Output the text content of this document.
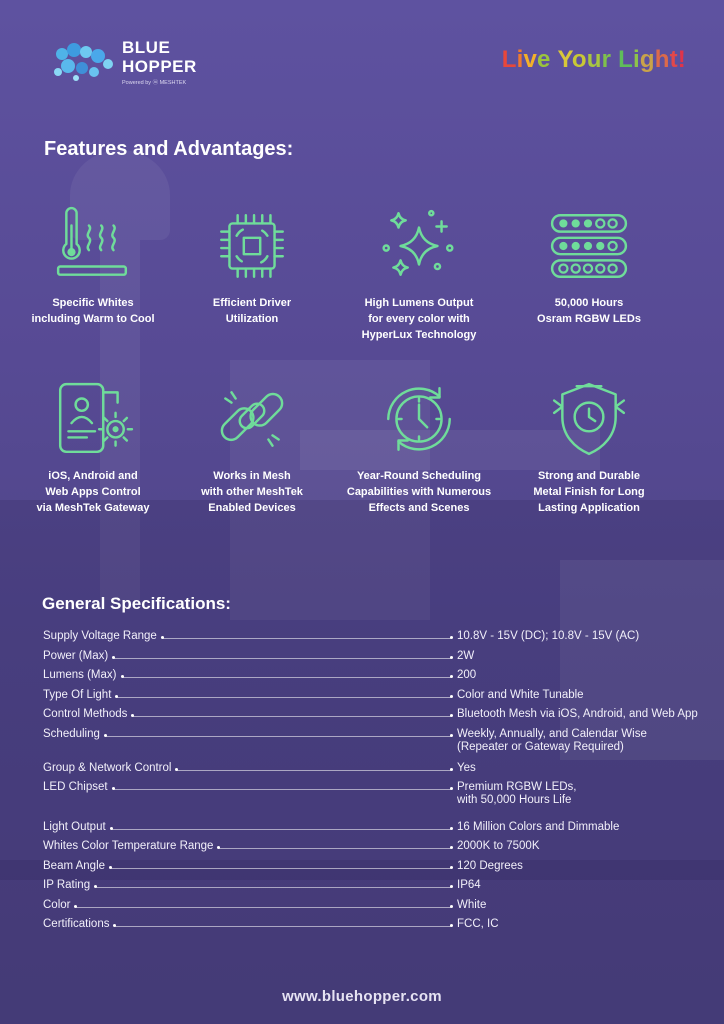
BLUE
HOPPER
Powered by ⓜ MESHTEK
Live Your Light!
Features and Advantages:
Specific Whites
including Warm to Cool
Efficient Driver
Utilization
High Lumens Output
for every color with
HyperLux Technology
50,000 Hours
Osram RGBW LEDs
iOS, Android and
Web Apps Control
via MeshTek Gateway
Works in Mesh
with other MeshTek
Enabled Devices
Year-Round Scheduling
Capabilities with Numerous
Effects and Scenes
Strong and Durable
Metal Finish for Long
Lasting Application
General Specifications:
Supply Voltage Range	10.8V - 15V (DC); 10.8V - 15V (AC)
Power (Max)	2W
Lumens (Max)	200
Type Of Light	Color and White Tunable
Control Methods	Bluetooth Mesh via iOS, Android, and Web App
Scheduling	Weekly, Annually, and Calendar Wise
(Repeater or Gateway Required)
Group & Network Control	Yes
LED Chipset	Premium RGBW LEDs,
with 50,000 Hours Life
Light Output	16 Million Colors and Dimmable
Whites Color Temperature Range	2000K to 7500K
Beam Angle	120 Degrees
IP Rating	IP64
Color	White
Certifications	FCC, IC
www.bluehopper.com
